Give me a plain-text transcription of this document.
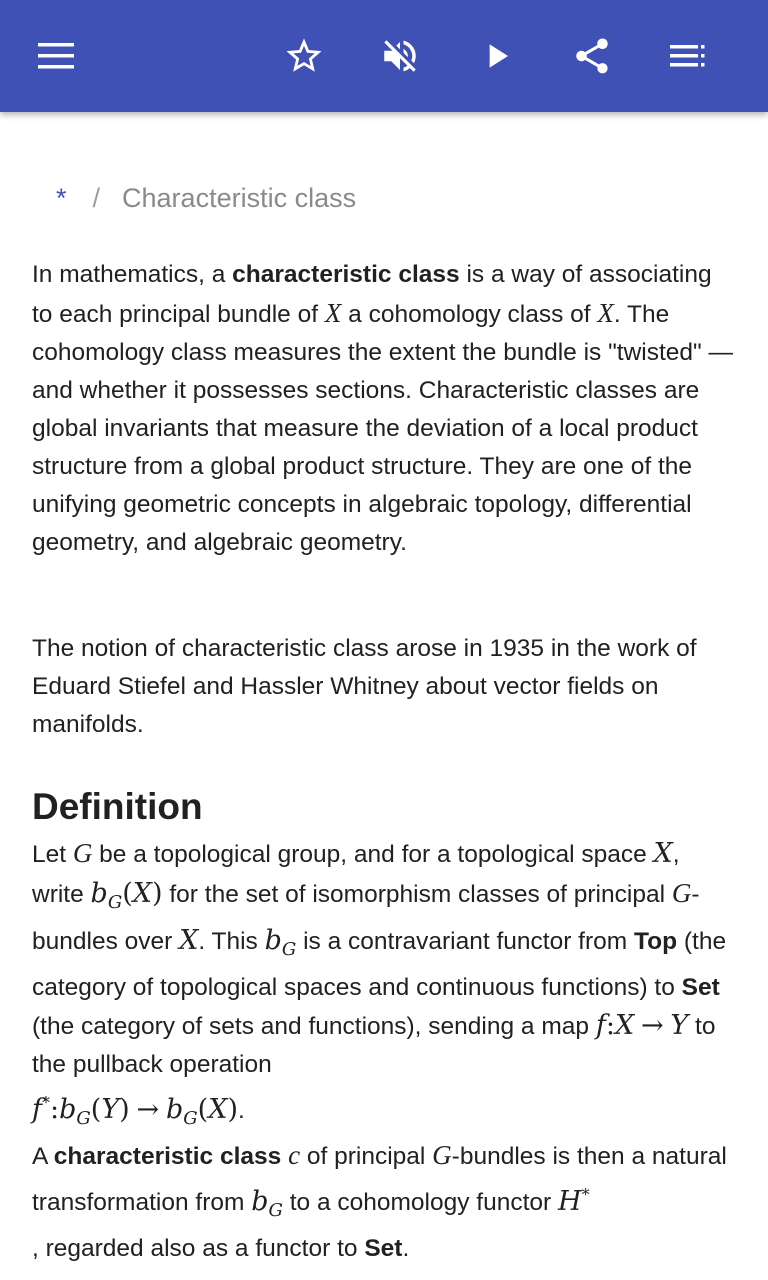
* / Characteristic class

In mathematics, a characteristic class is a way of associating to each principal bundle of X a cohomology class of X. The cohomology class measures the extent the bundle is "twisted" — and whether it possesses sections. Characteristic classes are global invariants that measure the deviation of a local product structure from a global product structure. They are one of the unifying geometric concepts in algebraic topology, differential geometry, and algebraic geometry.

The notion of characteristic class arose in 1935 in the work of Eduard Stiefel and Hassler Whitney about vector fields on manifolds.

Definition

Let G be a topological group, and for a topological space X, write $b_G(X)$ for the set of isomorphism classes of principal G-bundles over X. This $b_G$ is a contravariant functor from Top (the category of topological spaces and continuous functions) to Set (the category of sets and functions), sending a map f:X → Y to the pullback operation
$f^*:b_G(Y) \to b_G(X)$.

A characteristic class c of principal G-bundles is then a natural transformation from $b_G$ to a cohomology functor H*
, regarded also as a functor to Set.
